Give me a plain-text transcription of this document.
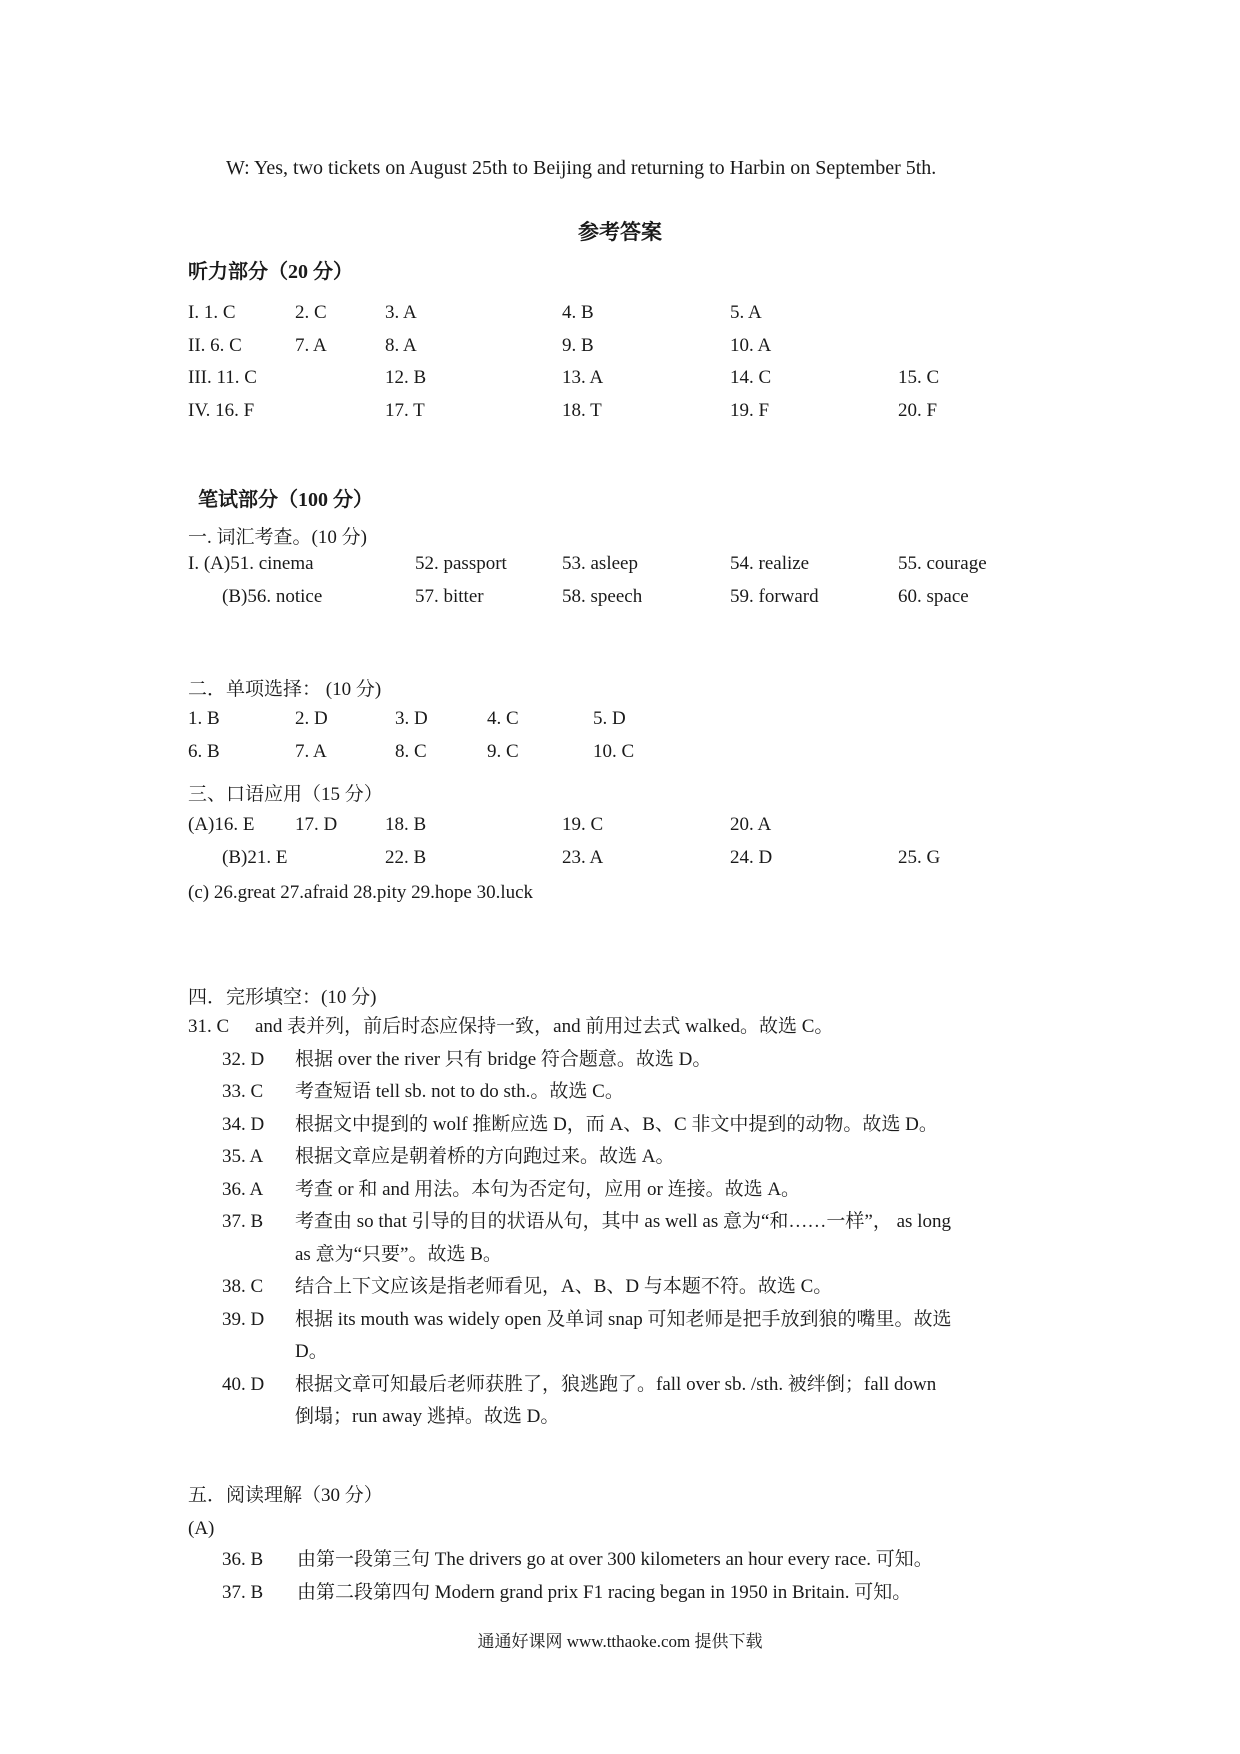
W: Yes, two tickets on August 25th to Beijing and returning to Harbin on September 5th.
参考答案
听力部分（20 分）
I. 1. C	2. C	3. A	4. B	5. A
II. 6. C	7. A	8. A	9. B	10. A
III. 11. C	12. B	13. A	14. C	15. C
IV. 16. F	17. T	18. T	19. F	20. F
笔试部分（100 分）
一. 词汇考查。(10 分)
I. (A)51. cinema	52. passport	53. asleep	54. realize	55. courage
(B)56. notice	57. bitter	58. speech	59. forward	60. space
二．单项选择： (10 分)
1. B	2. D	3. D	4. C	5. D
6. B	7. A	8. C	9. C	10. C
三、口语应用（15 分）
(A)16. E 17. D	18. B	19. C	20. A
(B)21. E	22. B	23. A	24. D	25. G
(c) 26.great 27.afraid 28.pity 29.hope 30.luck
四．完形填空：(10 分)
31. C and 表并列，前后时态应保持一致，and 前用过去式 walked。故选 C。
32. D 根据 over the river 只有 bridge 符合题意。故选 D。
33. C 考查短语 tell sb. not to do sth.。故选 C。
34. D 根据文中提到的 wolf 推断应选 D，而 A、B、C 非文中提到的动物。故选 D。
35. A 根据文章应是朝着桥的方向跑过来。故选 A。
36. A 考查 or 和 and 用法。本句为否定句，应用 or 连接。故选 A。
37. B 考查由 so that 引导的目的状语从句，其中 as well as 意为“和……一样”， as long
as 意为“只要”。故选 B。
38. C 结合上下文应该是指老师看见，A、B、D 与本题不符。故选 C。
39. D 根据 its mouth was widely open 及单词 snap 可知老师是把手放到狼的嘴里。故选
D。
40. D 根据文章可知最后老师获胜了，狼逃跑了。fall over sb. /sth. 被绊倒；fall down
倒塌；run away 逃掉。故选 D。
五．阅读理解（30 分）
(A)
36. B 由第一段第三句 The drivers go at over 300 kilometers an hour every race. 可知。
37. B 由第二段第四句 Modern grand prix F1 racing began in 1950 in Britain. 可知。
通通好课网 www.tthaoke.com 提供下载
